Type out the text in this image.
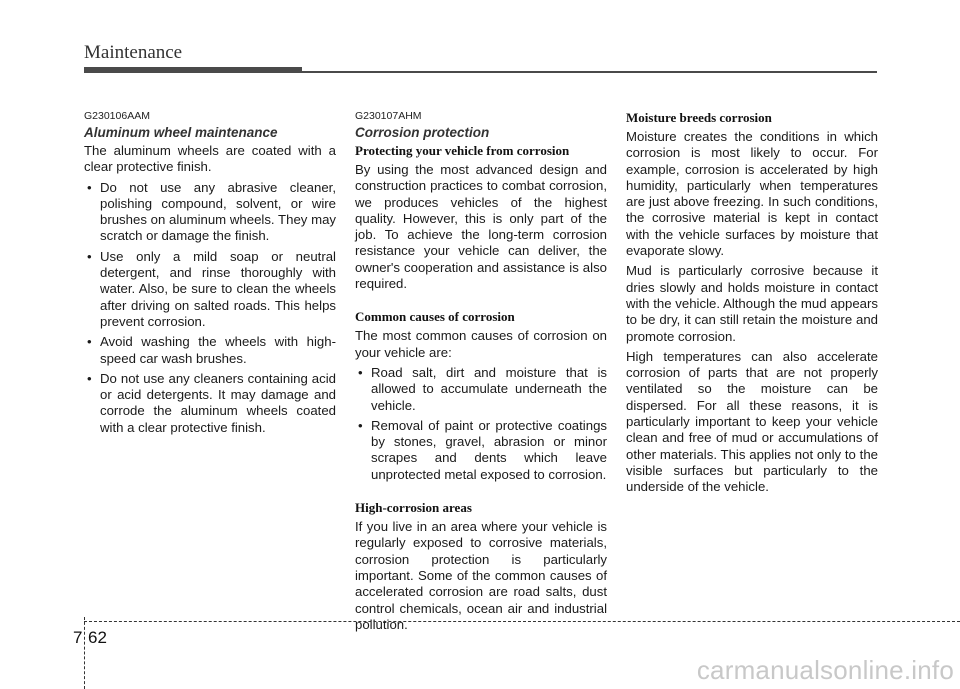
Maintenance

G230106AAM

Aluminum wheel maintenance

The aluminum wheels are coated with a clear protective finish.

• Do not use any abrasive cleaner, polishing compound, solvent, or wire brushes on aluminum wheels. They may scratch or damage the finish.
• Use only a mild soap or neutral detergent, and rinse thoroughly with water. Also, be sure to clean the wheels after driving on salted roads. This helps prevent corrosion.
• Avoid washing the wheels with high-speed car wash brushes.
• Do not use any cleaners containing acid or acid detergents. It may damage and corrode the aluminum wheels coated with a clear protective finish.

G230107AHM

Corrosion protection
Protecting your vehicle from corrosion

By using the most advanced design and construction practices to combat corrosion, we produces vehicles of the highest quality. However, this is only part of the job. To achieve the long-term corrosion resistance your vehicle can deliver, the owner's cooperation and assistance is also required.

Common causes of corrosion

The most common causes of corrosion on your vehicle are:

• Road salt, dirt and moisture that is allowed to accumulate underneath the vehicle.
• Removal of paint or protective coatings by stones, gravel, abrasion or minor scrapes and dents which leave unprotected metal exposed to corrosion.
High-corrosion areas

If you live in an area where your vehicle is regularly exposed to corrosive materials, corrosion protection is particularly important. Some of the common causes of accelerated corrosion are road salts, dust control chemicals, ocean air and industrial pollution.

Moisture breeds corrosion

Moisture creates the conditions in which corrosion is most likely to occur. For example, corrosion is accelerated by high humidity, particularly when temperatures are just above freezing. In such conditions, the corrosive material is kept in contact with the vehicle surfaces by moisture that evaporate slowy.

Mud is particularly corrosive because it dries slowly and holds moisture in contact with the vehicle. Although the mud appears to be dry, it can still retain the moisture and promote corrosion.

High temperatures can also accelerate corrosion of parts that are not properly ventilated so the moisture can be dispersed. For all these reasons, it is particularly important to keep your vehicle clean and free of mud or accumulations of other materials. This applies not only to the visible surfaces but particularly to the underside of the vehicle.

7 62

carmanualsonline.info
